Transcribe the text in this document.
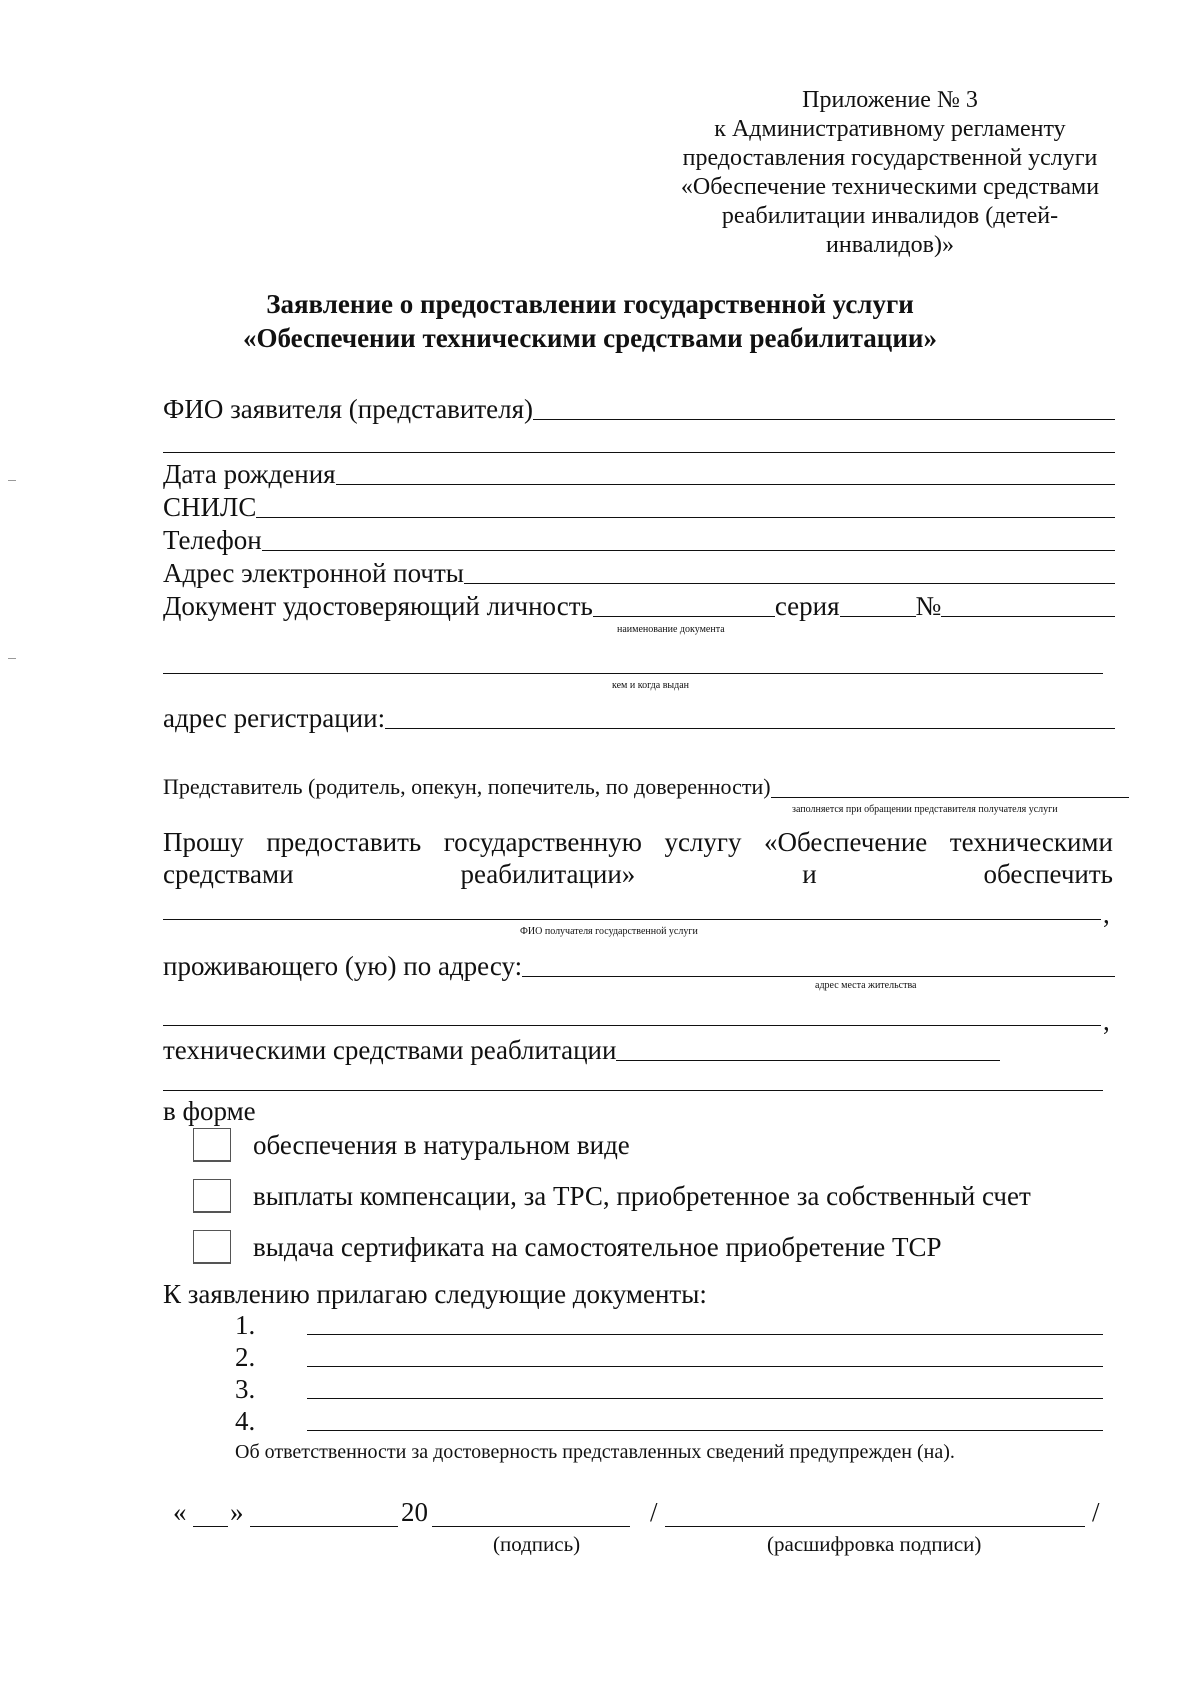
Приложение № 3
к Административному регламенту
предоставления государственной услуги
«Обеспечение техническими средствами
реабилитации инвалидов (детей-
инвалидов)»
Заявление о предоставлении государственной услуги
«Обеспечении техническими средствами реабилитации»
ФИО заявителя (представителя)
Дата рождения
СНИЛС
Телефон
Адрес электронной почты
Документ удостоверяющий личность	серия	№
наименование документа
кем и когда выдан
адрес регистрации:
Представитель (родитель, опекун, попечитель, по доверенности)
заполняется при обращении представителя получателя услуги
Прошу предоставить государственную услугу «Обеспечение техническими
средствами	реабилитации»	и	обеспечить
,
ФИО получателя государственной услуги
проживающего (ую) по адресу:
адрес места жительства
,
техническими средствами реаблитации
в форме
обеспечения в натуральном виде
выплаты компенсации, за ТРС, приобретенное за собственный счет
выдача сертификата на самостоятельное приобретение ТСР
К заявлению прилагаю следующие документы:
1.
2.
3.
4.
Об ответственности за достоверность представленных сведений предупрежден (на).
« »	20	/	/
(подпись)	(расшифровка подписи)
